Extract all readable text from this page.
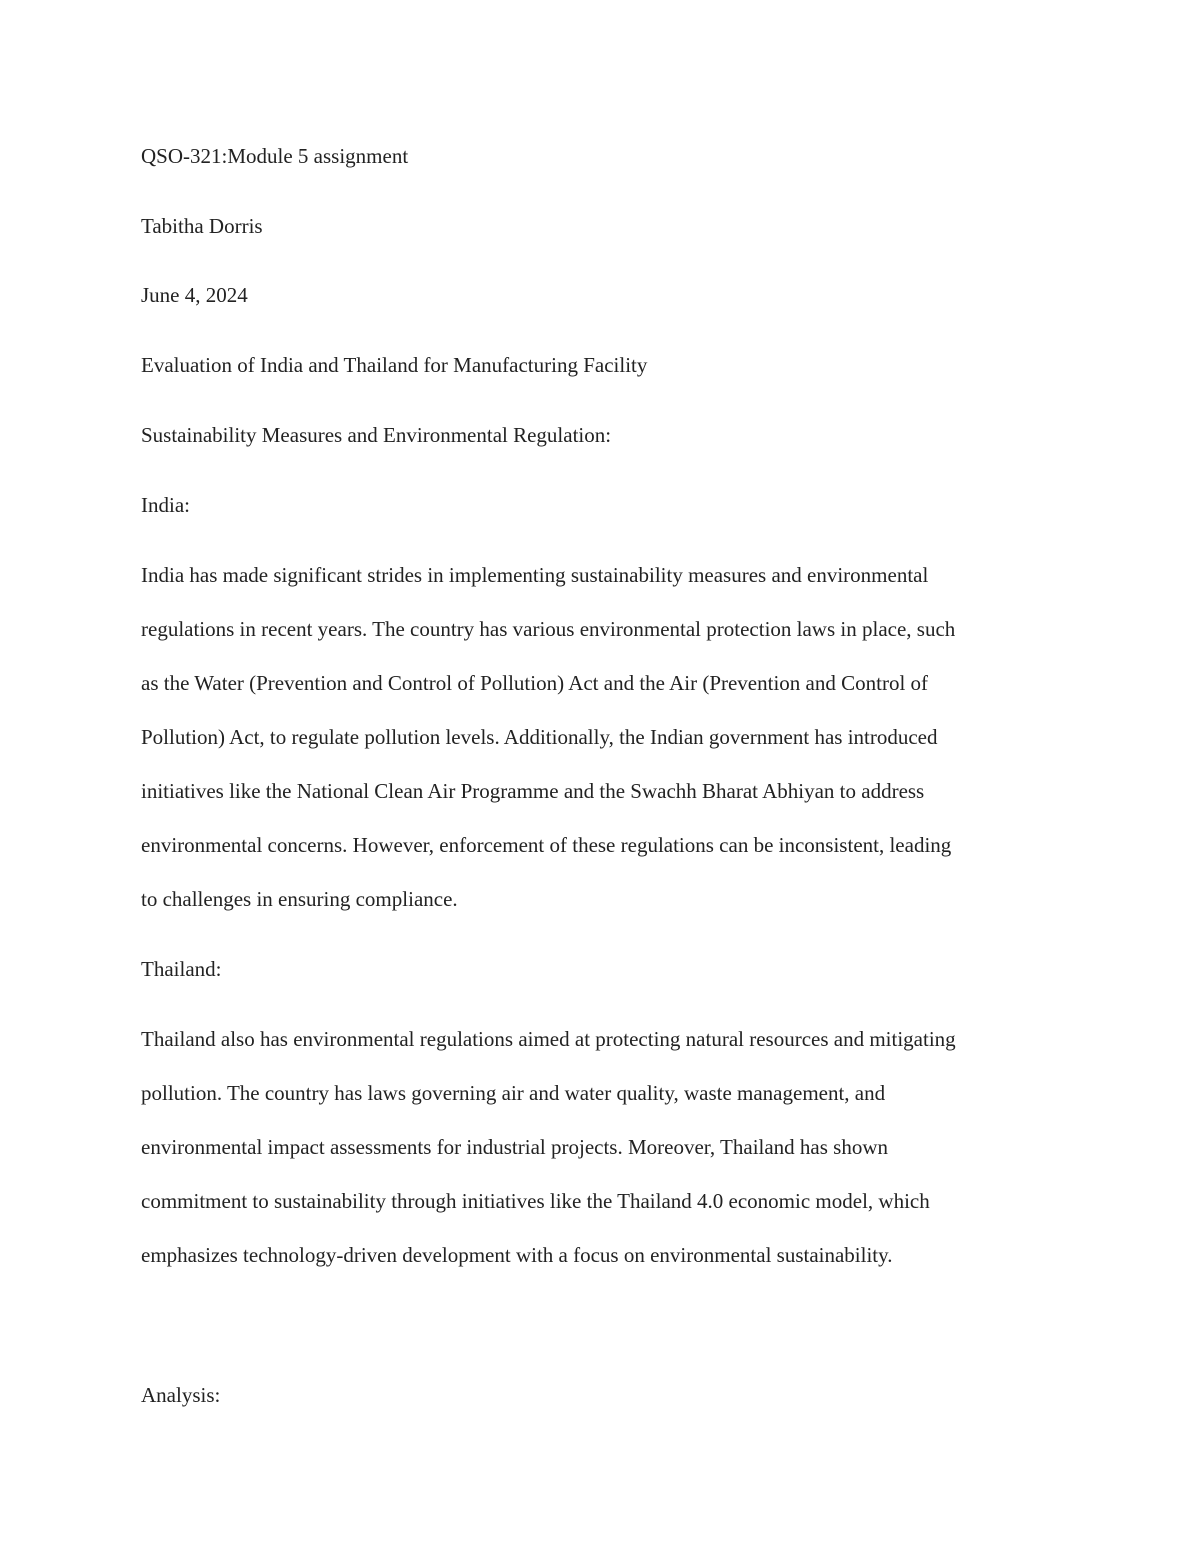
QSO-321:Module 5 assignment
Tabitha Dorris
June 4, 2024
Evaluation of India and Thailand for Manufacturing Facility
Sustainability Measures and Environmental Regulation:
India:
India has made significant strides in implementing sustainability measures and environmental
regulations in recent years. The country has various environmental protection laws in place, such
as the Water (Prevention and Control of Pollution) Act and the Air (Prevention and Control of
Pollution) Act, to regulate pollution levels. Additionally, the Indian government has introduced
initiatives like the National Clean Air Programme and the Swachh Bharat Abhiyan to address
environmental concerns. However, enforcement of these regulations can be inconsistent, leading
to challenges in ensuring compliance.
Thailand:
Thailand also has environmental regulations aimed at protecting natural resources and mitigating
pollution. The country has laws governing air and water quality, waste management, and
environmental impact assessments for industrial projects. Moreover, Thailand has shown
commitment to sustainability through initiatives like the Thailand 4.0 economic model, which
emphasizes technology-driven development with a focus on environmental sustainability.
Analysis:
